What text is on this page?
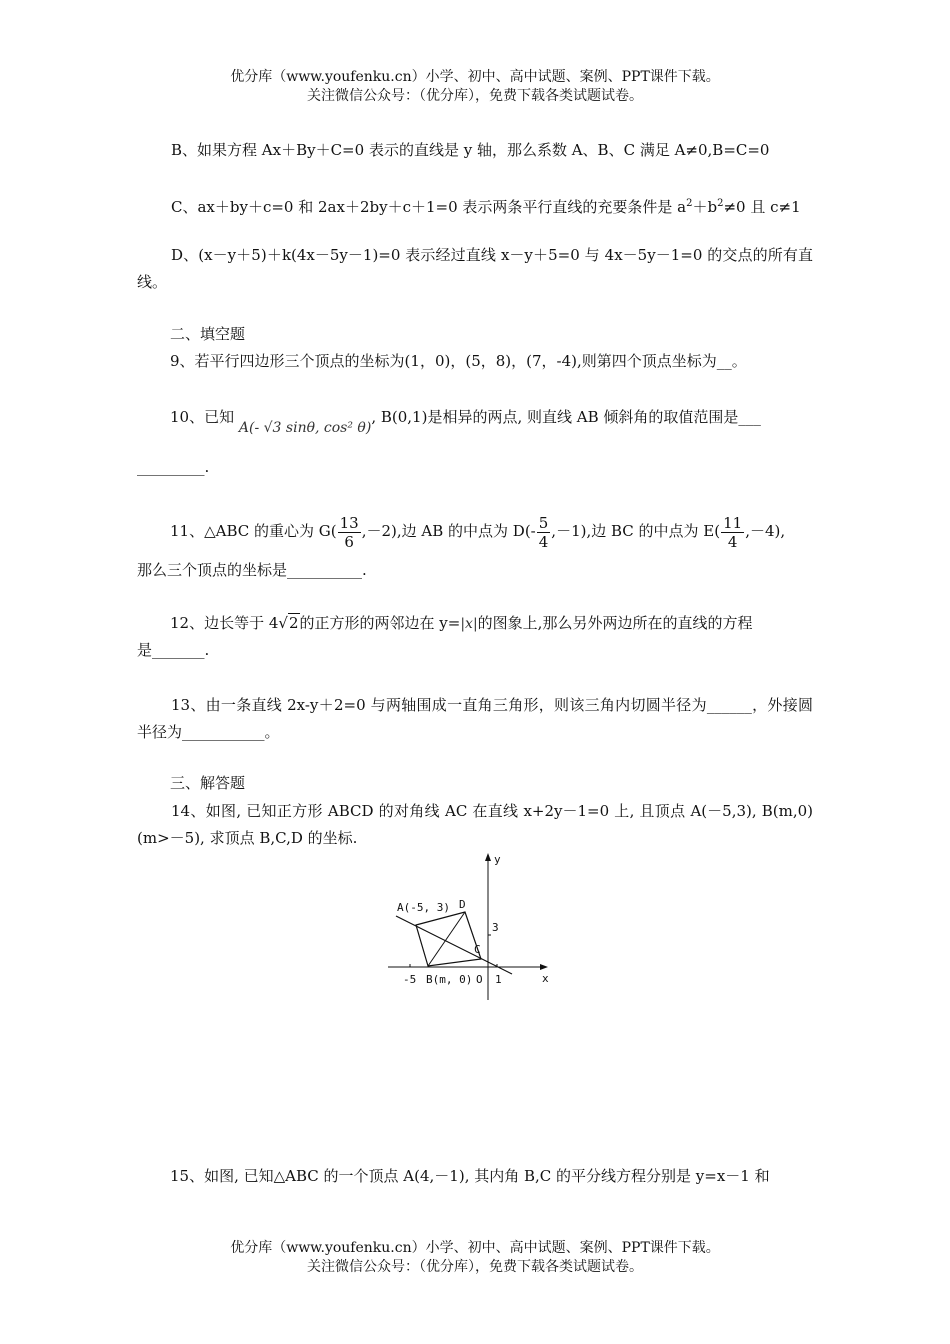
优分库（www.youfenku.cn）小学、初中、高中试题、案例、PPT课件下载。
关注微信公众号：（优分库），免费下载各类试题试卷。
B、如果方程 Ax＋By＋C=0 表示的直线是 y 轴，那么系数 A、B、C 满足 A≠0,B=C=0
C、ax＋by＋c=0 和 2ax＋2by＋c＋1=0 表示两条平行直线的充要条件是 $a^2+b^2\ne 0$ 且 c≠1
D、(x－y＋5)＋k(4x－5y－1)=0 表示经过直线 x－y＋5=0 与 4x－5y－1=0 的交点的所有直线。
二、填空题
9、若平行四边形三个顶点的坐标为(1，0)，(5，8)，(7，-4),则第四个顶点坐标为__。
10、已知 A(- √3 sinθ, cos² θ), B(0,1)是相异的两点, 则直线 AB 倾斜角的取值范围是___
_________.
11、△ABC 的重心为 $G( \frac{13}{6} ,-2)$,边 AB 的中点为 $D(- \frac{5}{4} ,-1)$,边 BC 的中点为 $E( \frac{11}{4} ,-4)$,
那么三个顶点的坐标是__________.
12、边长等于 4√2的正方形的两邻边在 y=|x|的图象上,那么另外两边所在的直线的方程
是_______.
13、由一条直线 2x-y＋2=0 与两轴围成一直角三角形，则该三角内切圆半径为______，外接圆半径为___________。
三、解答题
14、如图, 已知正方形 ABCD 的对角线 AC 在直线 x+2y－1=0 上, 且顶点 A(－5,3), B(m,0) (m>－5), 求顶点 B,C,D 的坐标.
y
x
A(-5, 3) D
C
B(m, 0) O
-5	1
3
15、如图, 已知△ABC 的一个顶点 A(4,－1), 其内角 B,C 的平分线方程分别是 y=x－1 和
优分库（www.youfenku.cn）小学、初中、高中试题、案例、PPT课件下载。
关注微信公众号：（优分库），免费下载各类试题试卷。
